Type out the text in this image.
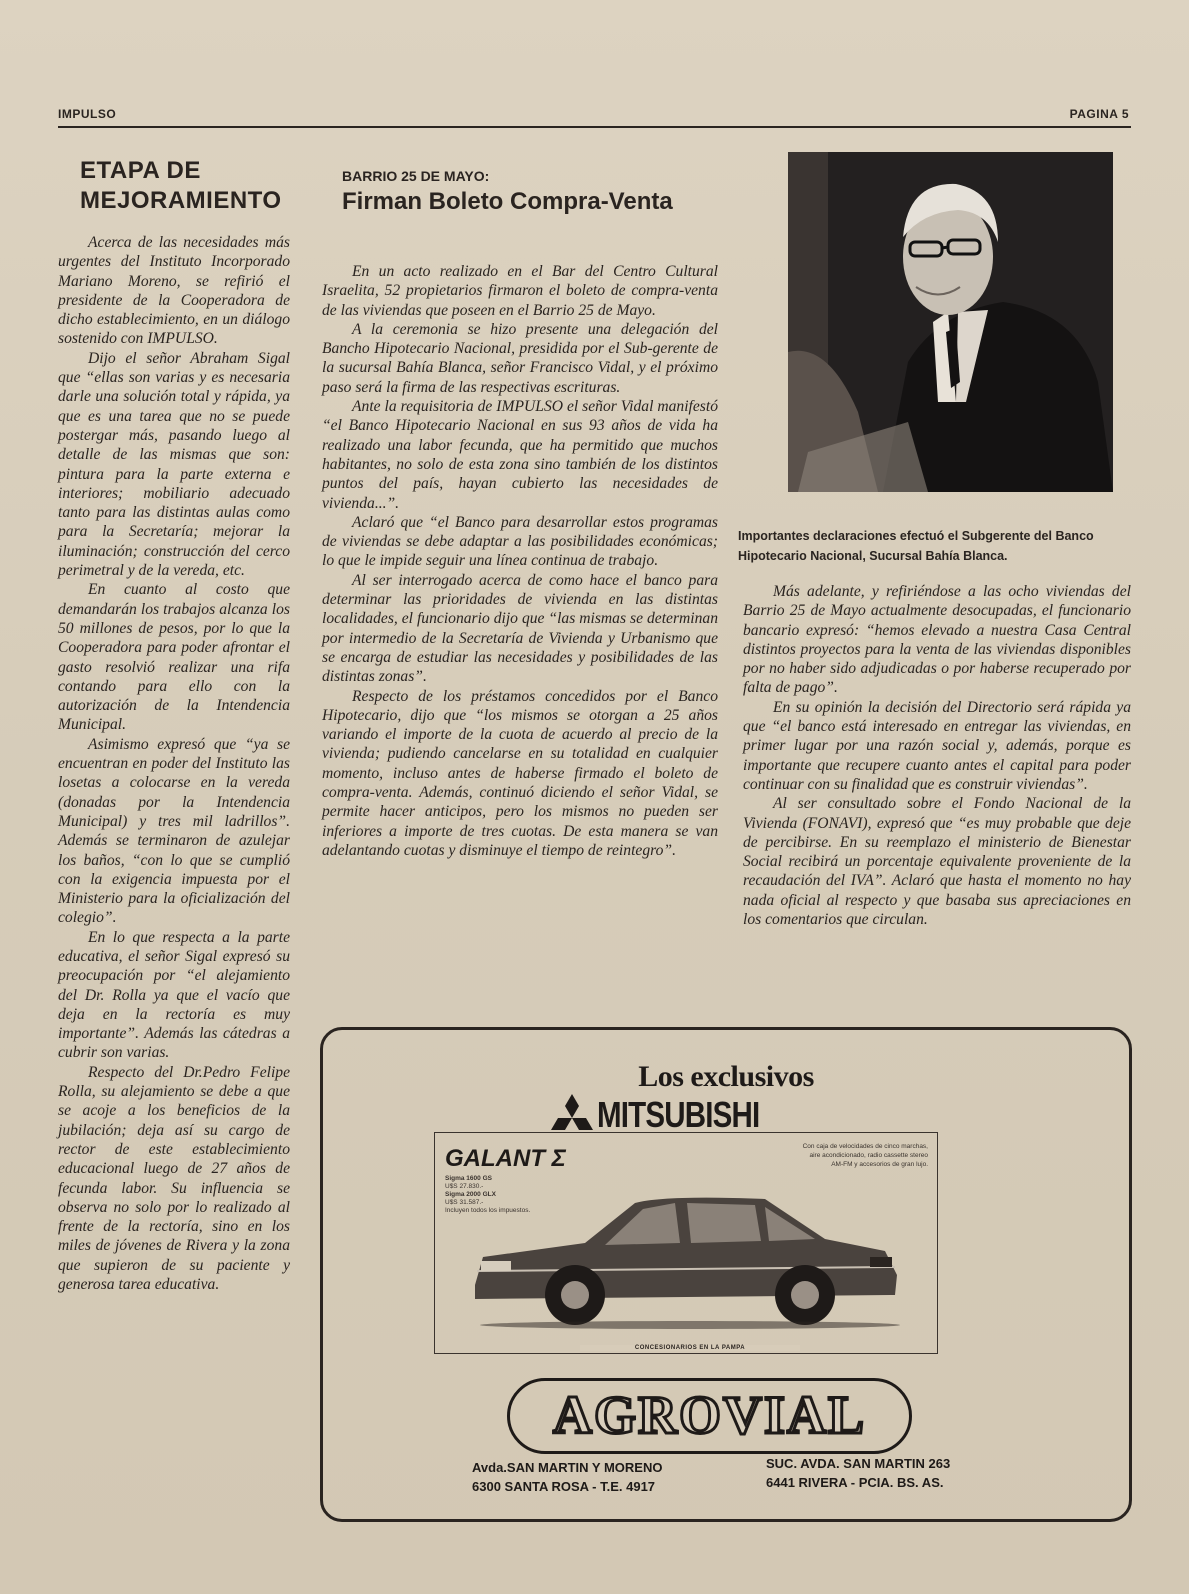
IMPULSO	PAGINA 5
ETAPA DE MEJORAMIENTO

Acerca de las necesidades más urgentes del Instituto Incorporado Mariano Moreno, se refirió el presidente de la Cooperadora de dicho establecimiento, en un diálogo sostenido con IMPULSO.

Dijo el señor Abraham Sigal que “ellas son varias y es necesaria darle una solución total y rápida, ya que es una tarea que no se puede postergar más, pasando luego al detalle de las mismas que son: pintura para la parte externa e interiores; mobiliario adecuado tanto para las distintas aulas como para la Secretaría; mejorar la iluminación; construcción del cerco perimetral y de la vereda, etc.

En cuanto al costo que demandarán los trabajos alcanza los 50 millones de pesos, por lo que la Cooperadora para poder afrontar el gasto resolvió realizar una rifa contando para ello con la autorización de la Intendencia Municipal.

Asimismo expresó que “ya se encuentran en poder del Instituto las losetas a colocarse en la vereda (donadas por la Intendencia Municipal) y tres mil ladrillos”. Además se terminaron de azulejar los baños, “con lo que se cumplió con la exigencia impuesta por el Ministerio para la oficialización del colegio”.

En lo que respecta a la parte educativa, el señor Sigal expresó su preocupación por “el alejamiento del Dr. Rolla ya que el vacío que deja en la rectoría es muy importante”. Además las cátedras a cubrir son varias.

Respecto del Dr.Pedro Felipe Rolla, su alejamiento se debe a que se acoje a los beneficios de la jubilación; deja así su cargo de rector de este establecimiento educacional luego de 27 años de fecunda labor. Su influencia se observa no solo por lo realizado al frente de la rectoría, sino en los miles de jóvenes de Rivera y la zona que supieron de su paciente y generosa tarea educativa.

BARRIO 25 DE MAYO:
Firman Boleto Compra-Venta

En un acto realizado en el Bar del Centro Cultural Israelita, 52 propietarios firmaron el boleto de compra-venta de las viviendas que poseen en el Barrio 25 de Mayo.

A la ceremonia se hizo presente una delegación del Bancho Hipotecario Nacional, presidida por el Sub-gerente de la sucursal Bahía Blanca, señor Francisco Vidal, y el próximo paso será la firma de las respectivas escrituras.

Ante la requisitoria de IMPULSO el señor Vidal manifestó “el Banco Hipotecario Nacional en sus 93 años de vida ha realizado una labor fecunda, que ha permitido que muchos habitantes, no solo de esta zona sino también de los distintos puntos del país, hayan cubierto las necesidades de vivienda...”.

Aclaró que “el Banco para desarrollar estos programas de viviendas se debe adaptar a las posibilidades económicas; lo que le impide seguir una línea continua de trabajo.

Al ser interrogado acerca de como hace el banco para determinar las prioridades de vivienda en las distintas localidades, el funcionario dijo que “las mismas se determinan por intermedio de la Secretaría de Vivienda y Urbanismo que se encarga de estudiar las necesidades y posibilidades de las distintas zonas”.

Respecto de los préstamos concedidos por el Banco Hipotecario, dijo que “los mismos se otorgan a 25 años variando el importe de la cuota de acuerdo al precio de la vivienda; pudiendo cancelarse en su totalidad en cualquier momento, incluso antes de haberse firmado el boleto de compra-venta. Además, continuó diciendo el señor Vidal, se permite hacer anticipos, pero los mismos no pueden ser inferiores a importe de tres cuotas. De esta manera se van adelantando cuotas y disminuye el tiempo de reintegro”.

Importantes declaraciones efectuó el Subgerente del Banco Hipotecario Nacional, Sucursal Bahía Blanca.

Más adelante, y refiriéndose a las ocho viviendas del Barrio 25 de Mayo actualmente desocupadas, el funcionario bancario expresó: “hemos elevado a nuestra Casa Central distintos proyectos para la venta de las viviendas disponibles por no haber sido adjudicadas o por haberse recuperado por falta de pago”.

En su opinión la decisión del Directorio será rápida ya que “el banco está interesado en entregar las viviendas, en primer lugar por una razón social y, además, porque es importante que recupere cuanto antes el capital para poder continuar con su finalidad que es construir viviendas”.

Al ser consultado sobre el Fondo Nacional de la Vivienda (FONAVI), expresó que “es muy probable que deje de percibirse. En su reemplazo el ministerio de Bienestar Social recibirá un porcentaje equivalente proveniente de la recaudación del IVA”. Aclaró que hasta el momento no hay nada oficial al respecto y que basaba sus apreciaciones en los comentarios que circulan.

Los exclusivos
MITSUBISHI
GALANT Σ
Sigma 1600 GS
U$S 27.830.-
Sigma 2000 GLX
U$S 31.587.-
Incluyen todos los impuestos.
Con caja de velocidades de cinco marchas, aire acondicionado, radio cassette stereo AM-FM y accesorios de gran lujo.
CONCESIONARIOS EN LA PAMPA
AGROVIAL
Avda.SAN MARTIN Y MORENO
6300 SANTA ROSA - T.E. 4917
SUC. AVDA. SAN MARTIN 263
6441 RIVERA - PCIA. BS. AS.
